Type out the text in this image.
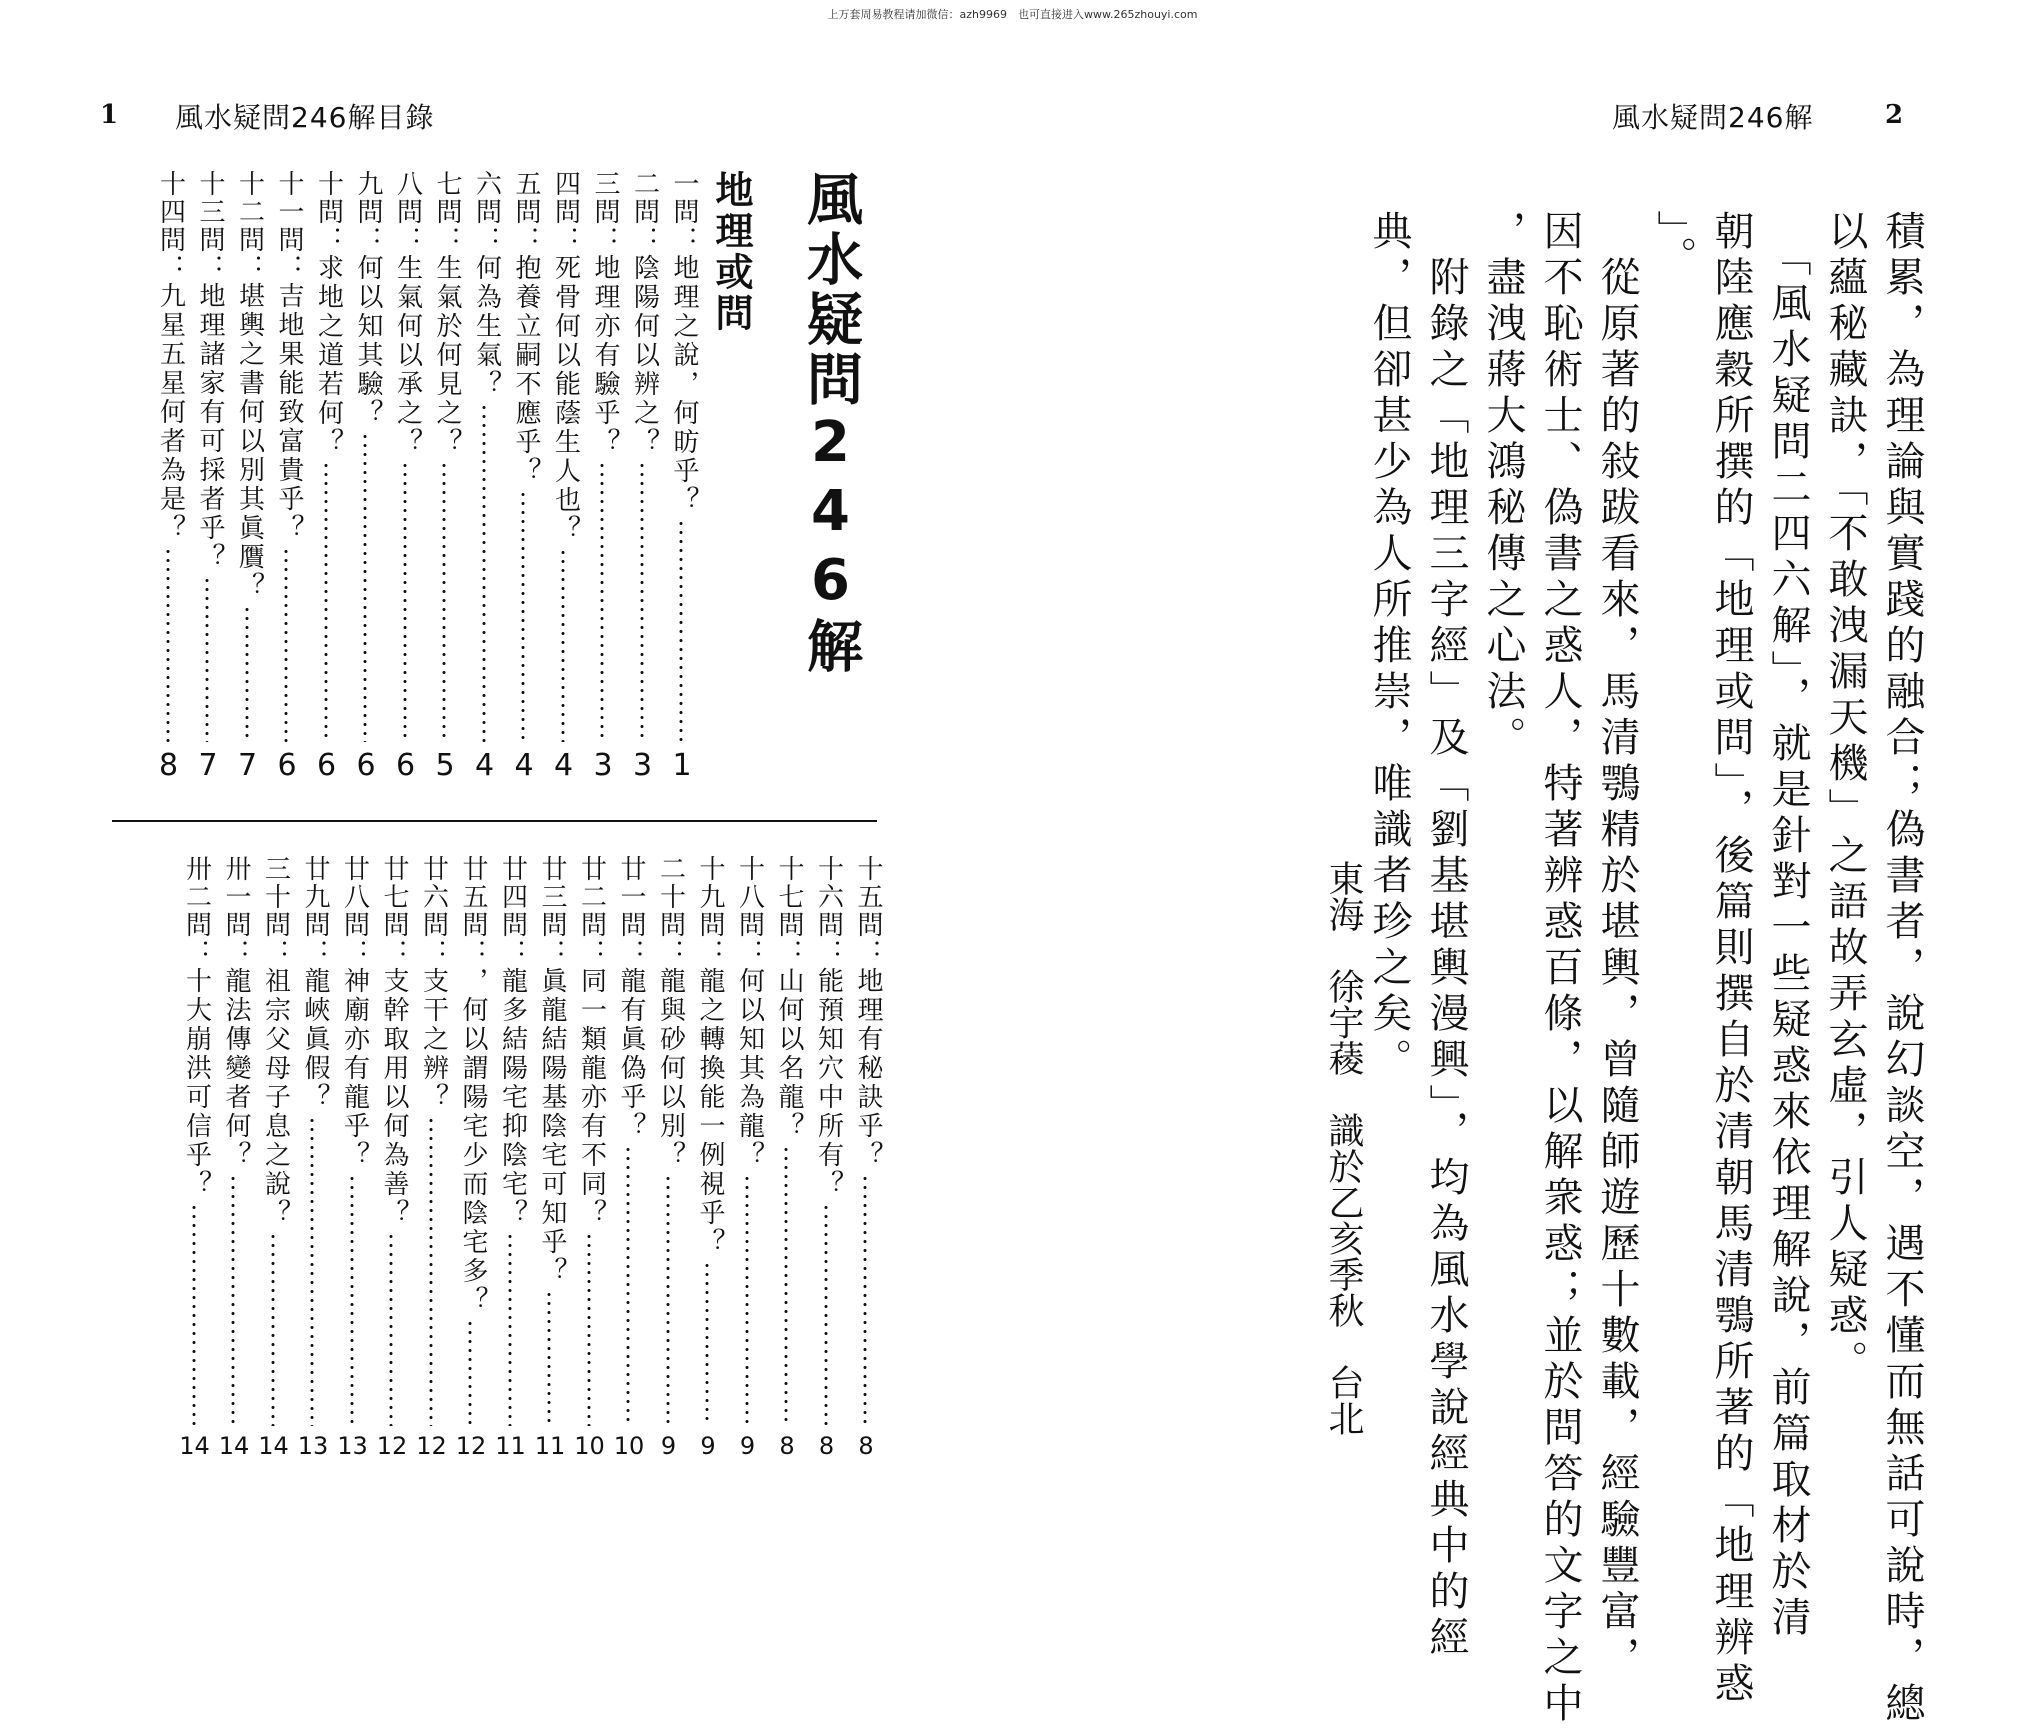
上万套周易教程请加微信：azh9969　也可直接进入www.265zhouyi.com
1 風水疑問246解目錄
風水疑問246解
地理或問
一問：
地理之說，何昉乎？
1
二問：
陰陽何以辨之？
3
三問：
地理亦有驗乎？
3
四問：
死骨何以能蔭生人也？
4
五問：
抱養立嗣不應乎？
4
六問：
何為生氣？
4
七問：
生氣於何見之？
5
八問：
生氣何以承之？
6
九問：
何以知其驗？
6
十問：
求地之道若何？
6
十一問：
吉地果能致富貴乎？
6
十二問：
堪輿之書何以別其眞贋？
7
十三問：
地理諸家有可採者乎？
7
十四問：
九星五星何者為是？
8
十五問：
地理有秘訣乎？
8
十六問：
能預知穴中所有？
8
十七問：
山何以名龍？
8
十八問：
何以知其為龍？
9
十九問：
龍之轉換能一例視乎？
9
二十問：
龍與砂何以別？
9
廿一問：
龍有眞偽乎？
10
廿二問：
同一類龍亦有不同？
10
廿三問：
眞龍結陽基陰宅可知乎？
11
廿四問：
龍多結陽宅抑陰宅？
11
廿五問：
，何以謂陽宅少而陰宅多？
12
廿六問：
支干之辨？
12
廿七問：
支幹取用以何為善？
12
廿八問：
神廟亦有龍乎？
13
廿九問：
龍峽眞假？
13
三十問：
祖宗父母子息之說？
14
卅一問：
龍法傳變者何？
14
卅二問：
十大崩洪可信乎？
14
風水疑問246解	2
積累，為理論與實踐的融合；偽書者，說幻談空，遇不懂而無話可說時，總
以蘊秘藏訣，「不敢洩漏天機」之語故弄玄虛，引人疑惑。
　「風水疑問二四六解」，就是針對一些疑惑來依理解說，前篇取材於清
朝陸應穀所撰的「地理或問」，後篇則撰自於清朝馬清鶚所著的「地理辨惑
」。
　從原著的敍跋看來，馬清鶚精於堪輿，曾隨師遊歷十數載，經驗豐富，
因不恥術士、偽書之惑人，特著辨惑百條，以解衆惑；並於問答的文字之中
，盡洩蔣大鴻秘傳之心法。
　附錄之「地理三字經」及「劉基堪輿漫興」，均為風水學說經典中的經
典，但卻甚少為人所推崇，唯識者珍之矣。
東海　徐宇薐　識於乙亥季秋　台北
